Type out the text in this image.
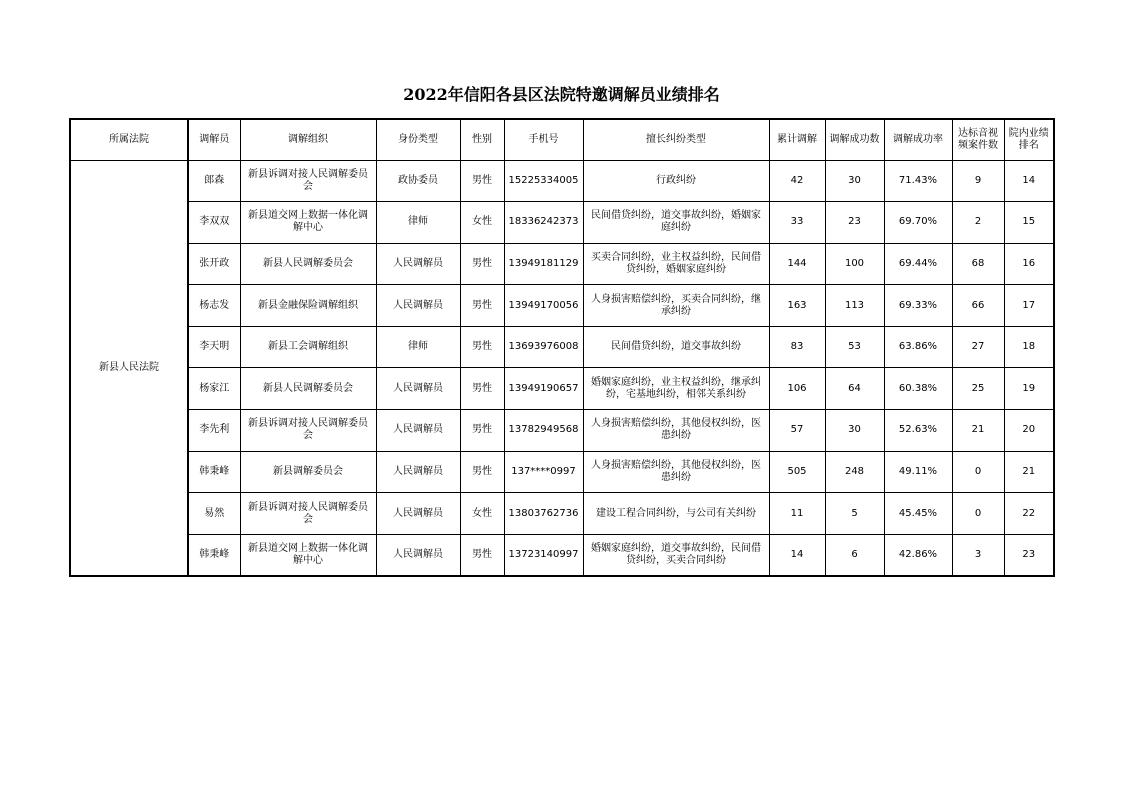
2022年信阳各县区法院特邀调解员业绩排名
所属法院	调解员	调解组织	身份类型	性别	手机号	擅长纠纷类型	累计调解	调解成功数	调解成功率	达标音视频案件数	院内业绩排名
新县人民法院	郎森	新县诉调对接人民调解委员会	政协委员	男性	15225334005	行政纠纷	42	30	71.43%	9	14
	李双双	新县道交网上数据一体化调解中心	律师	女性	18336242373	民间借贷纠纷，道交事故纠纷，婚姻家庭纠纷	33	23	69.70%	2	15
	张开政	新县人民调解委员会	人民调解员	男性	13949181129	买卖合同纠纷，业主权益纠纷，民间借贷纠纷，婚姻家庭纠纷	144	100	69.44%	68	16
	杨志发	新县金融保险调解组织	人民调解员	男性	13949170056	人身损害赔偿纠纷，买卖合同纠纷，继承纠纷	163	113	69.33%	66	17
	李天明	新县工会调解组织	律师	男性	13693976008	民间借贷纠纷，道交事故纠纷	83	53	63.86%	27	18
	杨家江	新县人民调解委员会	人民调解员	男性	13949190657	婚姻家庭纠纷，业主权益纠纷，继承纠纷，宅基地纠纷，相邻关系纠纷	106	64	60.38%	25	19
	李先利	新县诉调对接人民调解委员会	人民调解员	男性	13782949568	人身损害赔偿纠纷，其他侵权纠纷，医患纠纷	57	30	52.63%	21	20
	韩秉峰	新县调解委员会	人民调解员	男性	137****0997	人身损害赔偿纠纷，其他侵权纠纷，医患纠纷	505	248	49.11%	0	21
	易然	新县诉调对接人民调解委员会	人民调解员	女性	13803762736	建设工程合同纠纷，与公司有关纠纷	11	5	45.45%	0	22
	韩秉峰	新县道交网上数据一体化调解中心	人民调解员	男性	13723140997	婚姻家庭纠纷，道交事故纠纷，民间借贷纠纷，买卖合同纠纷	14	6	42.86%	3	23
